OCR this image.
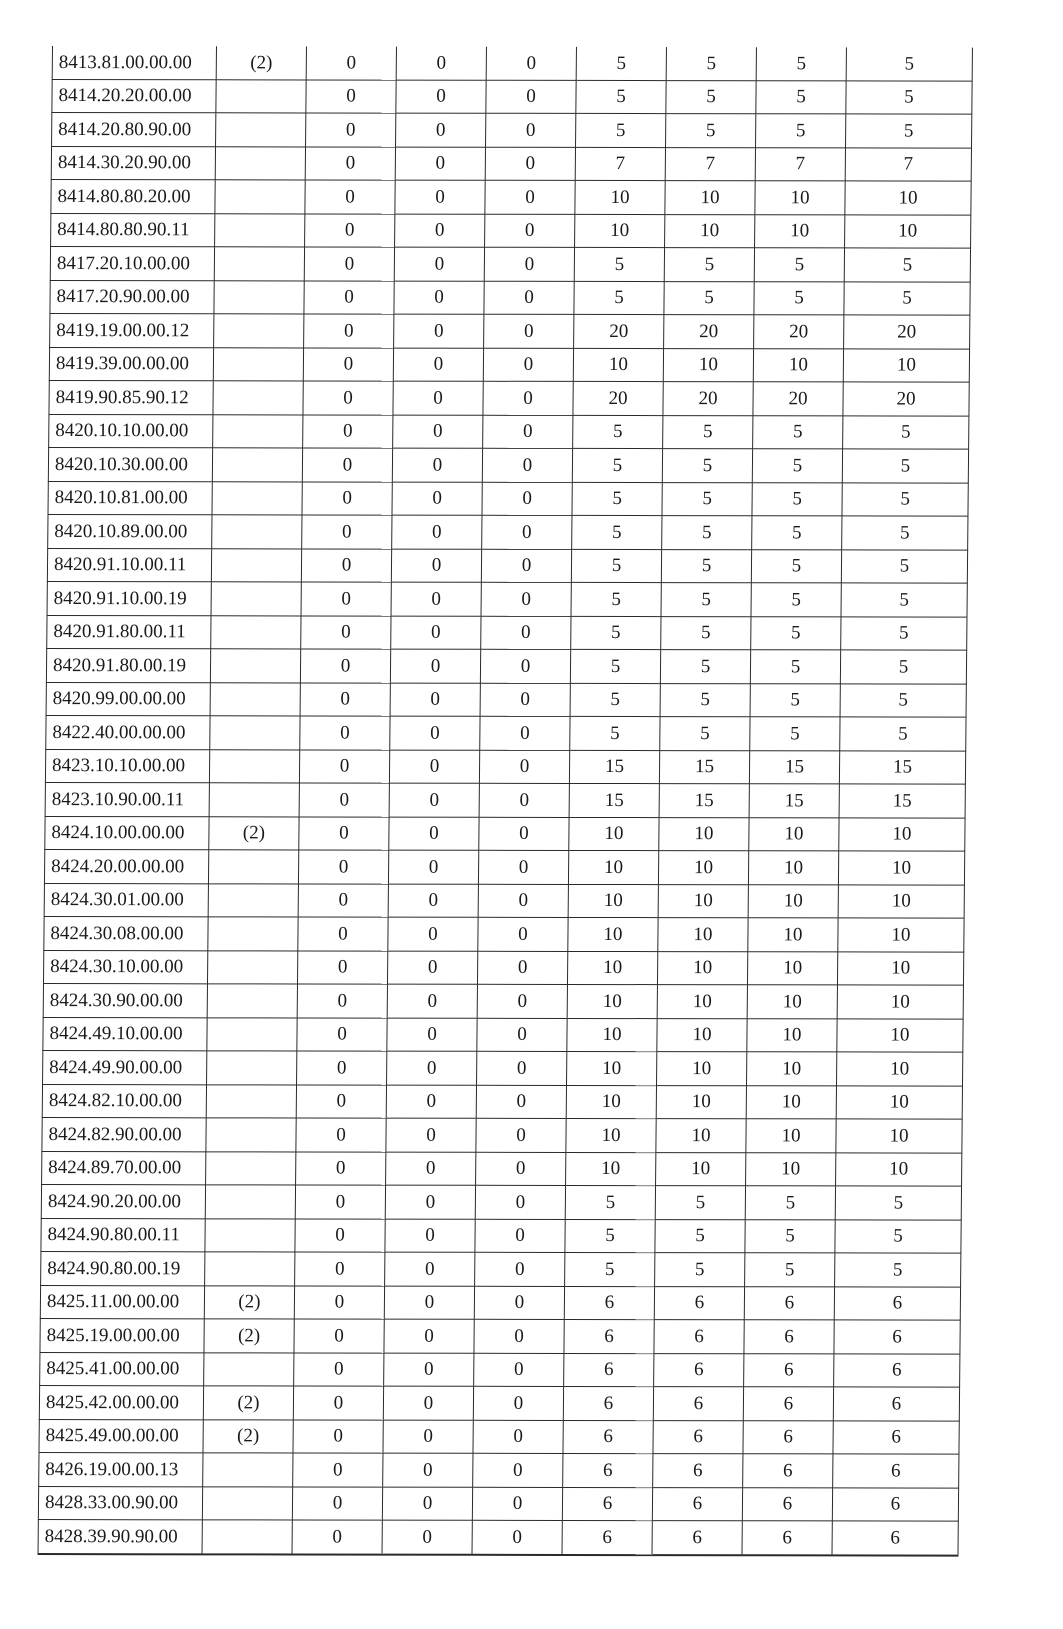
8413.81.00.00.00	(2)	0	0	0	5	5	5	5
8414.20.20.00.00		0	0	0	5	5	5	5
8414.20.80.90.00		0	0	0	5	5	5	5
8414.30.20.90.00		0	0	0	7	7	7	7
8414.80.80.20.00		0	0	0	10	10	10	10
8414.80.80.90.11		0	0	0	10	10	10	10
8417.20.10.00.00		0	0	0	5	5	5	5
8417.20.90.00.00		0	0	0	5	5	5	5
8419.19.00.00.12		0	0	0	20	20	20	20
8419.39.00.00.00		0	0	0	10	10	10	10
8419.90.85.90.12		0	0	0	20	20	20	20
8420.10.10.00.00		0	0	0	5	5	5	5
8420.10.30.00.00		0	0	0	5	5	5	5
8420.10.81.00.00		0	0	0	5	5	5	5
8420.10.89.00.00		0	0	0	5	5	5	5
8420.91.10.00.11		0	0	0	5	5	5	5
8420.91.10.00.19		0	0	0	5	5	5	5
8420.91.80.00.11		0	0	0	5	5	5	5
8420.91.80.00.19		0	0	0	5	5	5	5
8420.99.00.00.00		0	0	0	5	5	5	5
8422.40.00.00.00		0	0	0	5	5	5	5
8423.10.10.00.00		0	0	0	15	15	15	15
8423.10.90.00.11		0	0	0	15	15	15	15
8424.10.00.00.00	(2)	0	0	0	10	10	10	10
8424.20.00.00.00		0	0	0	10	10	10	10
8424.30.01.00.00		0	0	0	10	10	10	10
8424.30.08.00.00		0	0	0	10	10	10	10
8424.30.10.00.00		0	0	0	10	10	10	10
8424.30.90.00.00		0	0	0	10	10	10	10
8424.49.10.00.00		0	0	0	10	10	10	10
8424.49.90.00.00		0	0	0	10	10	10	10
8424.82.10.00.00		0	0	0	10	10	10	10
8424.82.90.00.00		0	0	0	10	10	10	10
8424.89.70.00.00		0	0	0	10	10	10	10
8424.90.20.00.00		0	0	0	5	5	5	5
8424.90.80.00.11		0	0	0	5	5	5	5
8424.90.80.00.19		0	0	0	5	5	5	5
8425.11.00.00.00	(2)	0	0	0	6	6	6	6
8425.19.00.00.00	(2)	0	0	0	6	6	6	6
8425.41.00.00.00		0	0	0	6	6	6	6
8425.42.00.00.00	(2)	0	0	0	6	6	6	6
8425.49.00.00.00	(2)	0	0	0	6	6	6	6
8426.19.00.00.13		0	0	0	6	6	6	6
8428.33.00.90.00		0	0	0	6	6	6	6
8428.39.90.90.00		0	0	0	6	6	6	6
